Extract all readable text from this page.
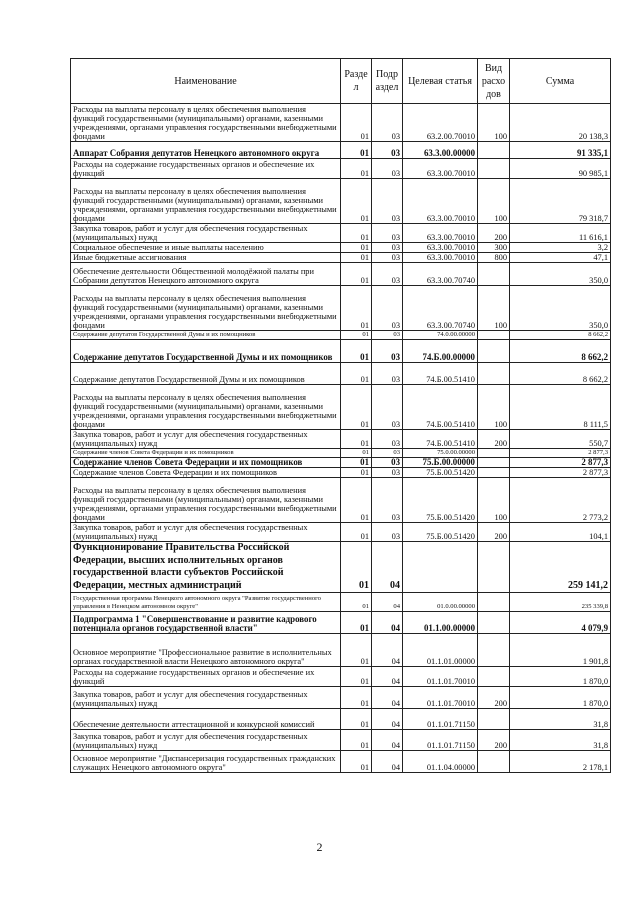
Наименование	Разде л	Подр аздел	Целевая статья	Вид расхо дов	Сумма
Расходы на выплаты персоналу в целях обеспечения выполнения функций государственными (муниципальными) органами, казенными учреждениями, органами управления государственными внебюджетными фондами	01	03	63.2.00.70010	100	20 138,3
Аппарат Собрания депутатов Ненецкого автономного округа	01	03	63.3.00.00000		91 335,1
Расходы на содержание государственных органов и обеспечение их функций	01	03	63.3.00.70010		90 985,1
Расходы на выплаты персоналу в целях обеспечения выполнения функций государственными (муниципальными) органами, казенными учреждениями, органами управления государственными внебюджетными фондами	01	03	63.3.00.70010	100	79 318,7
Закупка товаров, работ и услуг для обеспечения государственных (муниципальных) нужд	01	03	63.3.00.70010	200	11 616,1
Социальное обеспечение и иные выплаты населению	01	03	63.3.00.70010	300	3,2
Иные бюджетные ассигнования	01	03	63.3.00.70010	800	47,1
Обеспечение деятельности Общественной молодёжной палаты при Собрании депутатов Ненецкого автономного округа	01	03	63.3.00.70740		350,0
Расходы на выплаты персоналу в целях обеспечения выполнения функций государственными (муниципальными) органами, казенными учреждениями, органами управления государственными внебюджетными фондами	01	03	63.3.00.70740	100	350,0
Содержание депутатов Государственной Думы и их помощников	01	03	74.0.00.00000		8 662,2
Содержание депутатов Государственной Думы и их помощников	01	03	74.Б.00.00000		8 662,2
Содержание депутатов Государственной Думы и их помощников	01	03	74.Б.00.51410		8 662,2
Расходы на выплаты персоналу в целях обеспечения выполнения функций государственными (муниципальными) органами, казенными учреждениями, органами управления государственными внебюджетными фондами	01	03	74.Б.00.51410	100	8 111,5
Закупка товаров, работ и услуг для обеспечения государственных (муниципальных) нужд	01	03	74.Б.00.51410	200	550,7
Содержание членов Совета Федерации и их помощников	01	03	75.0.00.00000		2 877,3
Содержание членов Совета Федерации и их помощников	01	03	75.Б.00.00000		2 877,3
Содержание членов Совета Федерации и их помощников	01	03	75.Б.00.51420		2 877,3
Расходы на выплаты персоналу в целях обеспечения выполнения функций государственными (муниципальными) органами, казенными учреждениями, органами управления государственными внебюджетными фондами	01	03	75.Б.00.51420	100	2 773,2
Закупка товаров, работ и услуг для обеспечения государственных (муниципальных) нужд	01	03	75.Б.00.51420	200	104,1
Функционирование Правительства Российской Федерации, высших исполнительных органов государственной власти субъектов Российской Федерации, местных администраций	01	04			259 141,2
Государственная программа Ненецкого автономного округа "Развитие государственного управления в Ненецком автономном округе"	01	04	01.0.00.00000		235 339,8
Подпрограмма 1 "Совершенствование и развитие кадрового потенциала органов государственной власти"	01	04	01.1.00.00000		4 079,9
Основное мероприятие "Профессиональное развитие в исполнительных органах государственной власти Ненецкого автономного округа"	01	04	01.1.01.00000		1 901,8
Расходы на содержание государственных органов и обеспечение их функций	01	04	01.1.01.70010		1 870,0
Закупка товаров, работ и услуг для обеспечения государственных (муниципальных) нужд	01	04	01.1.01.70010	200	1 870,0
Обеспечение деятельности аттестационной и конкурсной комиссий	01	04	01.1.01.71150		31,8
Закупка товаров, работ и услуг для обеспечения государственных (муниципальных) нужд	01	04	01.1.01.71150	200	31,8
Основное мероприятие "Диспансеризация государственных гражданских служащих Ненецкого автономного округа"	01	04	01.1.04.00000		2 178,1
2
